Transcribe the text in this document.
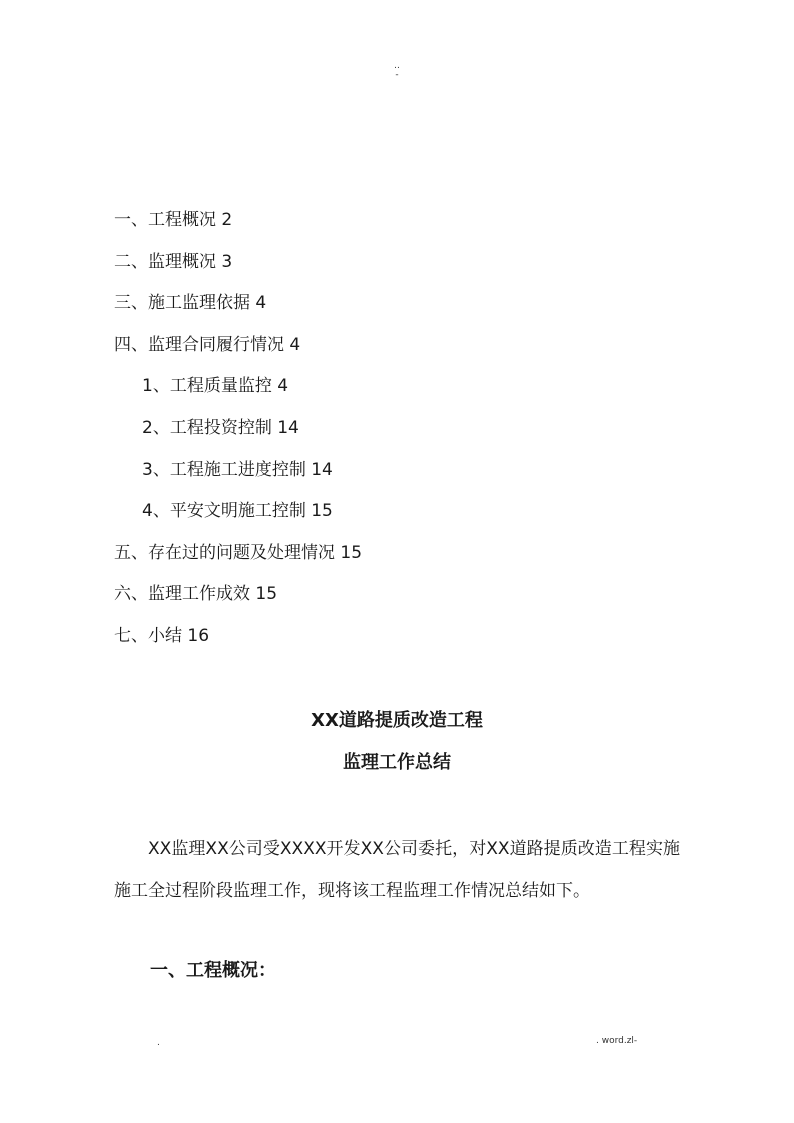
..
-
一、工程概况 2
二、监理概况 3
三、施工监理依据 4
四、监理合同履行情况 4
1、工程质量监控 4
2、工程投资控制 14
3、工程施工进度控制 14
4、平安文明施工控制 15
五、存在过的问题及处理情况 15
六、监理工作成效 15
七、小结 16
XX道路提质改造工程
监理工作总结
XX监理XX公司受XXXX开发XX公司委托，对XX道路提质改造工程实施施工全过程阶段监理工作，现将该工程监理工作情况总结如下。
一、工程概况：
.	. word.zl-
